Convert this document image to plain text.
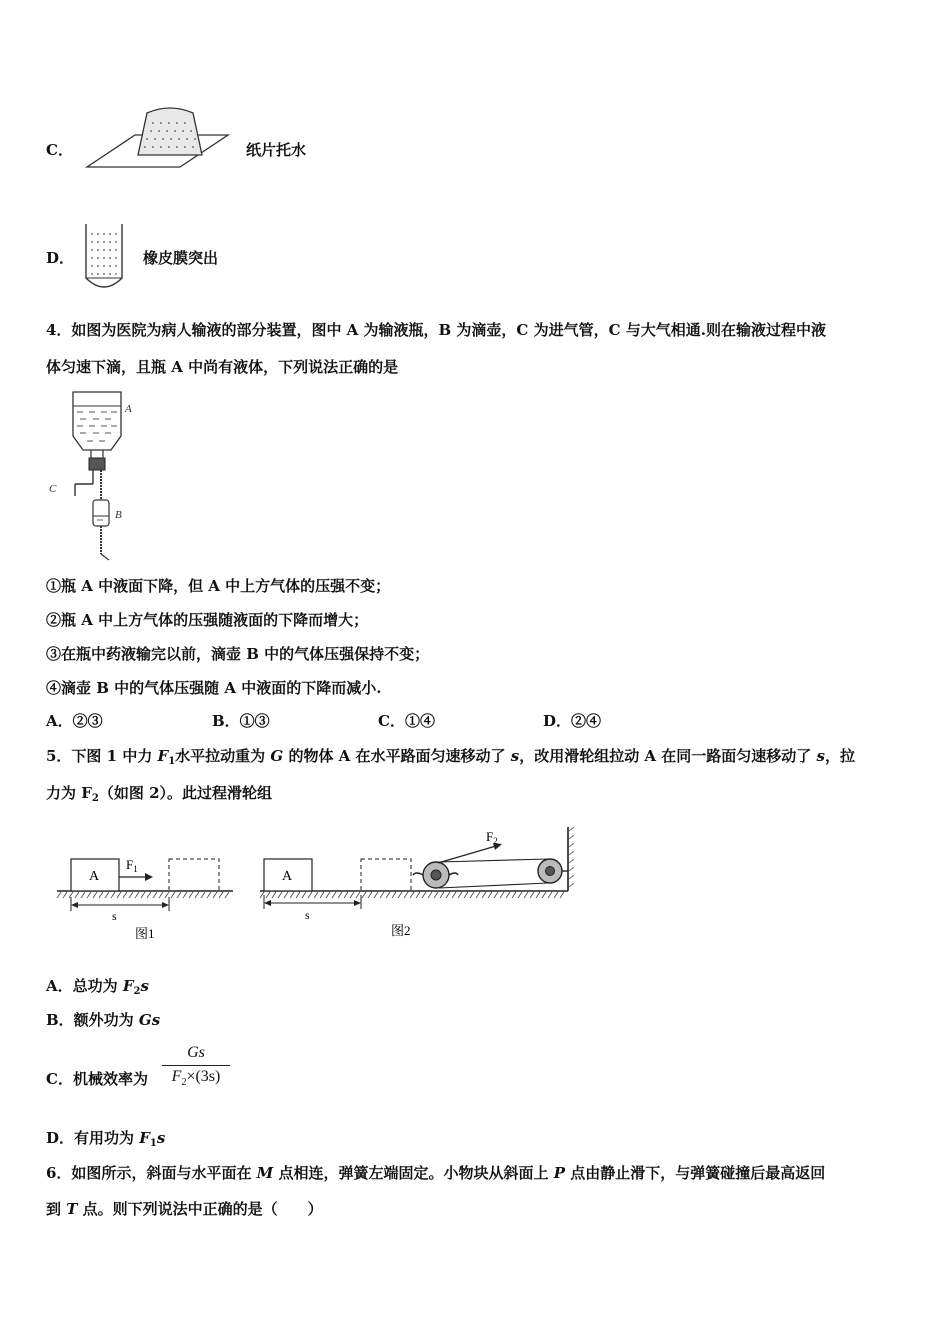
C．	纸片托水
D．	橡皮膜突出
4．如图为医院为病人输液的部分装置，图中 A 为输液瓶，B 为滴壶，C 为进气管，C 与大气相通.则在输液过程中液
体匀速下滴，且瓶 A 中尚有液体，下列说法正确的是
A
C
B
①瓶 A 中液面下降，但 A 中上方气体的压强不变；
②瓶 A 中上方气体的压强随液面的下降而增大；
③在瓶中药液输完以前，滴壶 B 中的气体压强保持不变；
④滴壶 B 中的气体压强随 A 中液面的下降而减小.
A．②③	B．①③	C．①④	D．②④
5．下图 1 中力 $F_1$水平拉动重为 G 的物体 A 在水平路面匀速移动了 s，改用滑轮组拉动 A 在同一路面匀速移动了 s，拉
力为 $F_2$（如图 2）。此过程滑轮组
A
$F_1$
s
图1
A
$F_2$
s
图2
A．总功为 $F_2s$
B．额外功为 Gs
C．机械效率为
Gs
$F_2\times(3s)$
D．有用功为 $F_1s$
6．如图所示，斜面与水平面在 M 点相连，弹簧左端固定。小物块从斜面上 P 点由静止滑下，与弹簧碰撞后最高返回
到 T 点。则下列说法中正确的是（　　）
